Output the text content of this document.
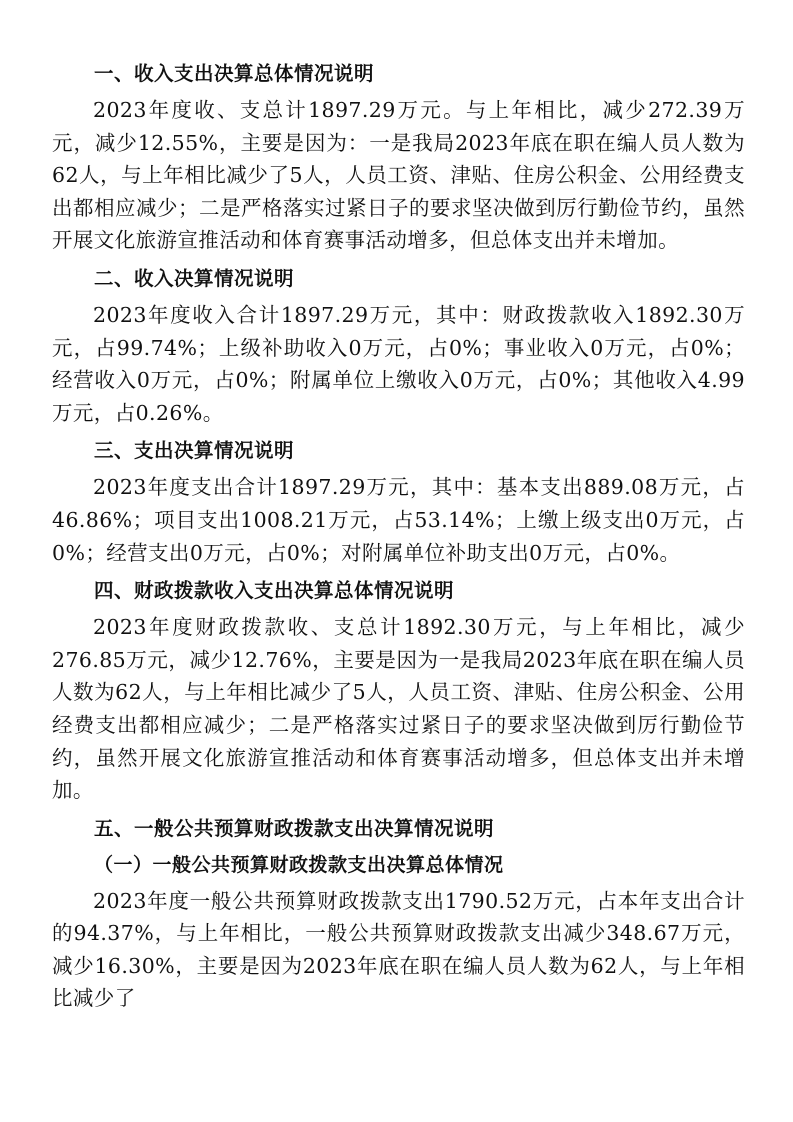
一、收入支出决算总体情况说明
2023年度收、支总计1897.29万元。与上年相比，减少272.39万元，减少12.55%，主要是因为：一是我局2023年底在职在编人员人数为62人，与上年相比减少了5人，人员工资、津贴、住房公积金、公用经费支出都相应减少；二是严格落实过紧日子的要求坚决做到厉行勤俭节约，虽然开展文化旅游宣推活动和体育赛事活动增多，但总体支出并未增加。
二、收入决算情况说明
2023年度收入合计1897.29万元，其中：财政拨款收入1892.30万元，占99.74%；上级补助收入0万元，占0%；事业收入0万元，占0%；经营收入0万元，占0%；附属单位上缴收入0万元，占0%；其他收入4.99万元，占0.26%。
三、支出决算情况说明
2023年度支出合计1897.29万元，其中：基本支出889.08万元，占46.86%；项目支出1008.21万元，占53.14%；上缴上级支出0万元，占0%；经营支出0万元，占0%；对附属单位补助支出0万元，占0%。
四、财政拨款收入支出决算总体情况说明
2023年度财政拨款收、支总计1892.30万元，与上年相比，减少276.85万元，减少12.76%，主要是因为一是我局2023年底在职在编人员人数为62人，与上年相比减少了5人，人员工资、津贴、住房公积金、公用经费支出都相应减少；二是严格落实过紧日子的要求坚决做到厉行勤俭节约，虽然开展文化旅游宣推活动和体育赛事活动增多，但总体支出并未增加。
五、一般公共预算财政拨款支出决算情况说明
（一）一般公共预算财政拨款支出决算总体情况
2023年度一般公共预算财政拨款支出1790.52万元，占本年支出合计的94.37%，与上年相比，一般公共预算财政拨款支出减少348.67万元，减少16.30%，主要是因为2023年底在职在编人员人数为62人，与上年相比减少了
